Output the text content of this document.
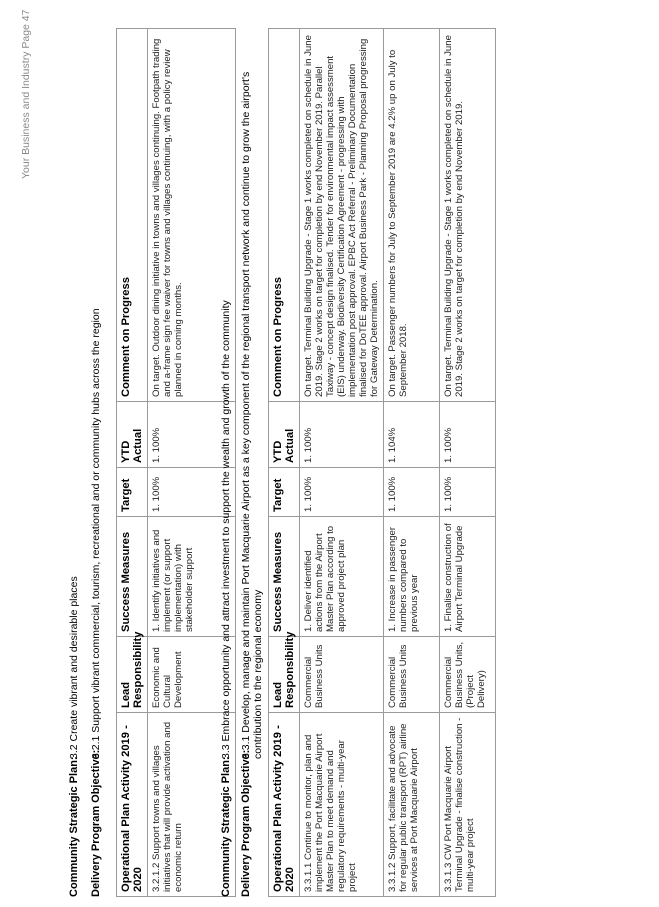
Your Business and Industry Page 47
Community Strategic Plan:
3.2 Create vibrant and desirable places
Delivery Program Objective:
3.2.1 Support vibrant commercial, tourism, recreational and or community hubs across the region
Operational Plan Activity 2019 - 2020	Lead Responsibility	Success Measures	Target	YTD Actual	Comment on Progress
3.2.1.2 Support towns and villages initiatives that will provide activation and economic return	Economic and Cultural Development	1. Identify initiatives and implement (or support implementation) with stakeholder support	1. 100%	1. 100%	On target. Outdoor dining initiative in towns and villages continuing. Footpath trading and a-frame sign fee waiver for towns and villages continuing, with a policy review planned in coming months.
Community Strategic Plan:
3.3 Embrace opportunity and attract investment to support the wealth and growth of the community
Delivery Program Objective:
3.3.1 Develop, manage and maintain Port Macquarie Airport as a key component of the regional transport network and continue to grow the airport's contribution to the regional economy
Operational Plan Activity 2019 - 2020	Lead Responsibility	Success Measures	Target	YTD Actual	Comment on Progress
3.3.1.1 Continue to monitor, plan and implement the Port Macquarie Airport Master Plan to meet demand and regulatory requirements - multi-year project	Commercial Business Units	1. Deliver identified actions from the Airport Master Plan according to approved project plan	1. 100%	1. 100%	On target. Terminal Building Upgrade - Stage 1 works completed on schedule in June 2019. Stage 2 works on target for completion by end November 2019. Parallel Taxiway - concept design finalised. Tender for environmental impact assessment (EIS) underway. Biodiversity Certification Agreement - progressing with implementation post approval. EPBC Act Referral - Preliminary Documentation finalised for DoTEE approval. Airport Business Park - Planning Proposal progressing for Gateway Determination.
3.3.1.2 Support, facilitate and advocate for regular public transport (RPT) airline services at Port Macquarie Airport	Commercial Business Units	1. Increase in passenger numbers compared to previous year	1. 100%	1. 104%	On target. Passenger numbers for July to September 2019 are 4.2% up on July to September 2018.
3.3.1.3 CW Port Macquarie Airport Terminal Upgrade - finalise construction - multi-year project	Commercial Business Units, (Project Delivery)	1. Finalise construction of Airport Terminal Upgrade	1. 100%	1. 100%	On target. Terminal Building Upgrade - Stage 1 works completed on schedule in June 2019. Stage 2 works on target for completion by end November 2019.
